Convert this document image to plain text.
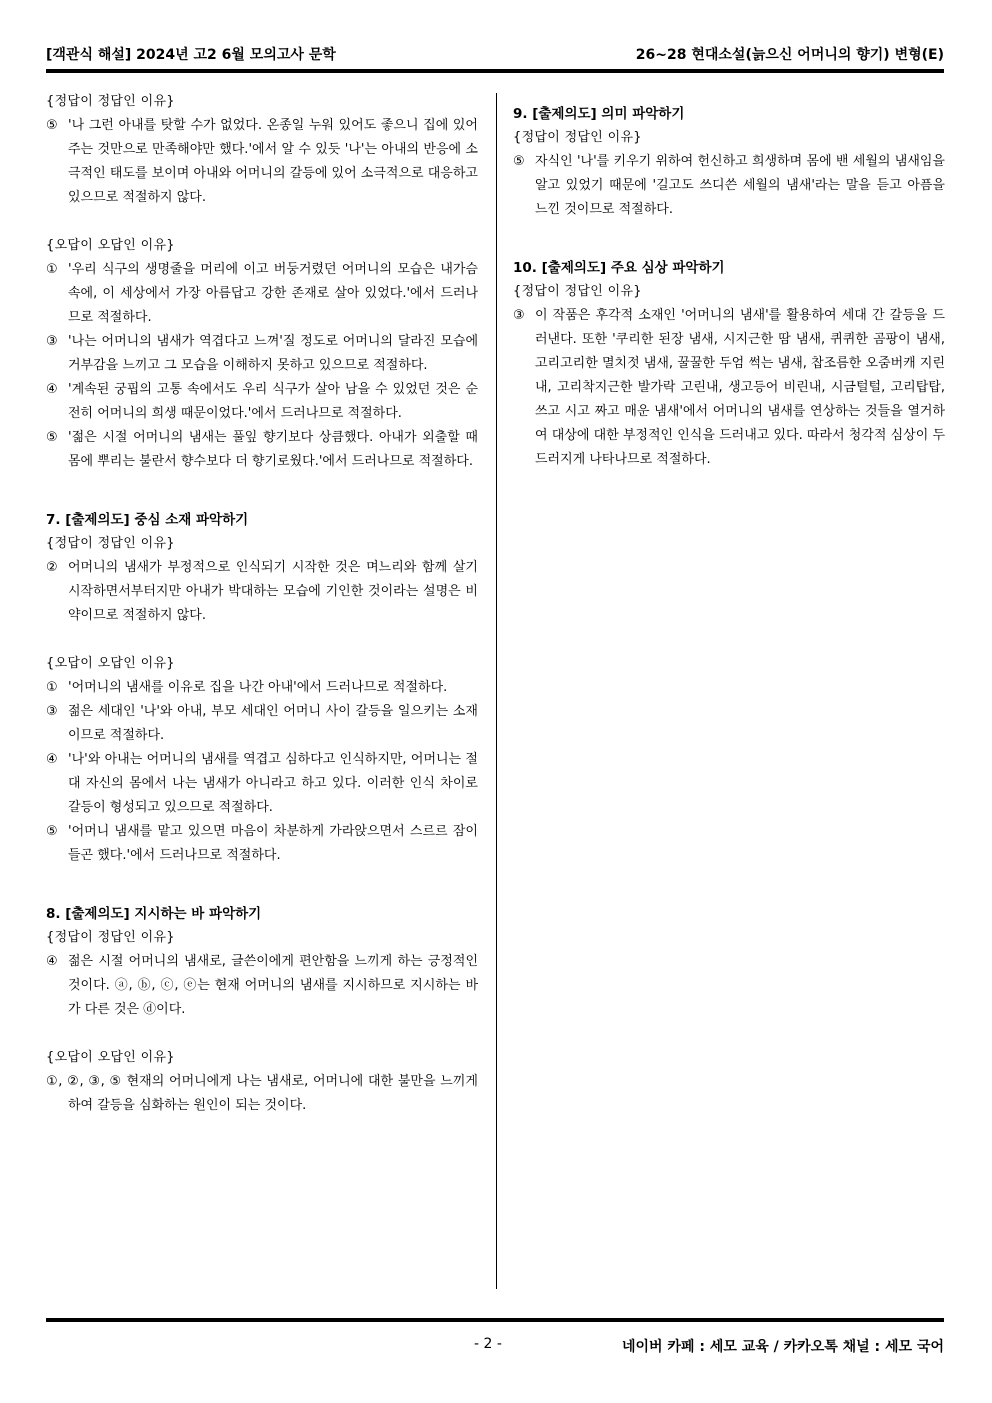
[객관식 해설] 2024년 고2 6월 모의고사 문학	26~28 현대소설(늙으신 어머니의 향기) 변형(E)
{정답이 정답인 이유}
⑤ '나 그런 아내를 탓할 수가 없었다. 온종일 누워 있어도 좋으니 집에 있어주는 것만으로 만족해야만 했다.'에서 알 수 있듯 '나'는 아내의 반응에 소극적인 태도를 보이며 아내와 어머니의 갈등에 있어 소극적으로 대응하고 있으므로 적절하지 않다.
{오답이 오답인 이유}
① '우리 식구의 생명줄을 머리에 이고 버둥거렸던 어머니의 모습은 내가슴속에, 이 세상에서 가장 아름답고 강한 존재로 살아 있었다.'에서 드러나므로 적절하다.
③ '나는 어머니의 냄새가 역겹다고 느껴'질 정도로 어머니의 달라진 모습에 거부감을 느끼고 그 모습을 이해하지 못하고 있으므로 적절하다.
④ '계속된 궁핍의 고통 속에서도 우리 식구가 살아 남을 수 있었던 것은 순전히 어머니의 희생 때문이었다.'에서 드러나므로 적절하다.
⑤ '젊은 시절 어머니의 냄새는 풀잎 향기보다 상큼했다. 아내가 외출할 때 몸에 뿌리는 불란서 향수보다 더 향기로웠다.'에서 드러나므로 적절하다.
7. [출제의도] 중심 소재 파악하기
{정답이 정답인 이유}
② 어머니의 냄새가 부정적으로 인식되기 시작한 것은 며느리와 함께 살기 시작하면서부터지만 아내가 박대하는 모습에 기인한 것이라는 설명은 비약이므로 적절하지 않다.
{오답이 오답인 이유}
① '어머니의 냄새를 이유로 집을 나간 아내'에서 드러나므로 적절하다.
③ 젊은 세대인 '나'와 아내, 부모 세대인 어머니 사이 갈등을 일으키는 소재이므로 적절하다.
④ '나'와 아내는 어머니의 냄새를 역겹고 심하다고 인식하지만, 어머니는 절대 자신의 몸에서 나는 냄새가 아니라고 하고 있다. 이러한 인식 차이로 갈등이 형성되고 있으므로 적절하다.
⑤ '어머니 냄새를 맡고 있으면 마음이 차분하게 가라앉으면서 스르르 잠이 들곤 했다.'에서 드러나므로 적절하다.
8. [출제의도] 지시하는 바 파악하기
{정답이 정답인 이유}
④ 젊은 시절 어머니의 냄새로, 글쓴이에게 편안함을 느끼게 하는 긍정적인 것이다. ⓐ, ⓑ, ⓒ, ⓔ는 현재 어머니의 냄새를 지시하므로 지시하는 바가 다른 것은 ⓓ이다.
{오답이 오답인 이유}
①, ②, ③, ⑤ 현재의 어머니에게 나는 냄새로, 어머니에 대한 불만을 느끼게 하여 갈등을 심화하는 원인이 되는 것이다.
9. [출제의도] 의미 파악하기
{정답이 정답인 이유}
⑤ 자식인 '나'를 키우기 위하여 헌신하고 희생하며 몸에 밴 세월의 냄새임을 알고 있었기 때문에 '길고도 쓰디쓴 세월의 냄새'라는 말을 듣고 아픔을 느낀 것이므로 적절하다.
10. [출제의도] 주요 심상 파악하기
{정답이 정답인 이유}
③ 이 작품은 후각적 소재인 '어머니의 냄새'를 활용하여 세대 간 갈등을 드러낸다. 또한 '쿠리한 된장 냄새, 시지근한 땀 냄새, 퀴퀴한 곰팡이 냄새, 고리고리한 멸치젓 냄새, 꿀꿀한 두엄 썩는 냄새, 찹조름한 오줌버캐 지린 내, 고리착지근한 발가락 고린내, 생고등어 비린내, 시금털털, 고리탑탑, 쓰고 시고 짜고 매운 냄새'에서 어머니의 냄새를 연상하는 것들을 열거하여 대상에 대한 부정적인 인식을 드러내고 있다. 따라서 청각적 심상이 두드러지게 나타나므로 적절하다.
- 2 -	네이버 카페 : 세모 교육 / 카카오톡 채널 : 세모 국어
